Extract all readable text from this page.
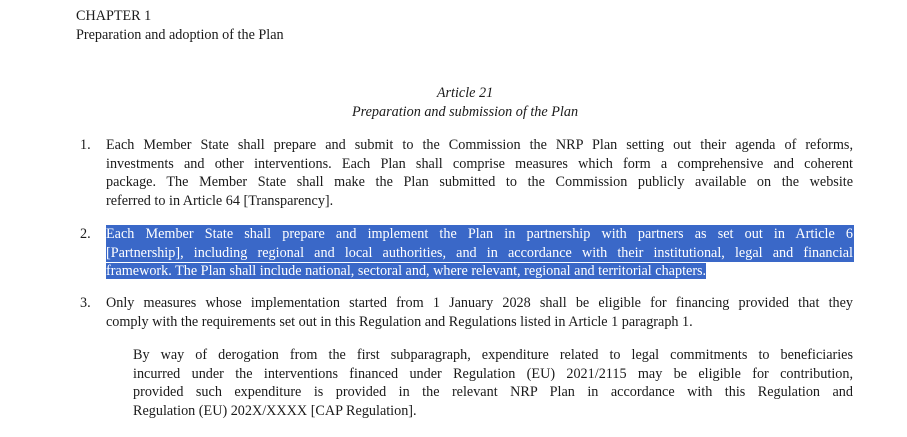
CHAPTER 1
Preparation and adoption of the Plan
Article 21
Preparation and submission of the Plan
1. Each Member State shall prepare and submit to the Commission the NRP Plan setting out their agenda of reforms,
investments and other interventions. Each Plan shall comprise measures which form a comprehensive and coherent
package. The Member State shall make the Plan submitted to the Commission publicly available on the website
referred to in Article 64 [Transparency].
2. Each Member State shall prepare and implement the Plan in partnership with partners as set out in Article 6
[Partnership], including regional and local authorities, and in accordance with their institutional, legal and financial
framework. The Plan shall include national, sectoral and, where relevant, regional and territorial chapters.
3. Only measures whose implementation started from 1 January 2028 shall be eligible for financing provided that they
comply with the requirements set out in this Regulation and Regulations listed in Article 1 paragraph 1.
By way of derogation from the first subparagraph, expenditure related to legal commitments to beneficiaries
incurred under the interventions financed under Regulation (EU) 2021/2115 may be eligible for contribution,
provided such expenditure is provided in the relevant NRP Plan in accordance with this Regulation and
Regulation (EU) 202X/XXXX [CAP Regulation].
